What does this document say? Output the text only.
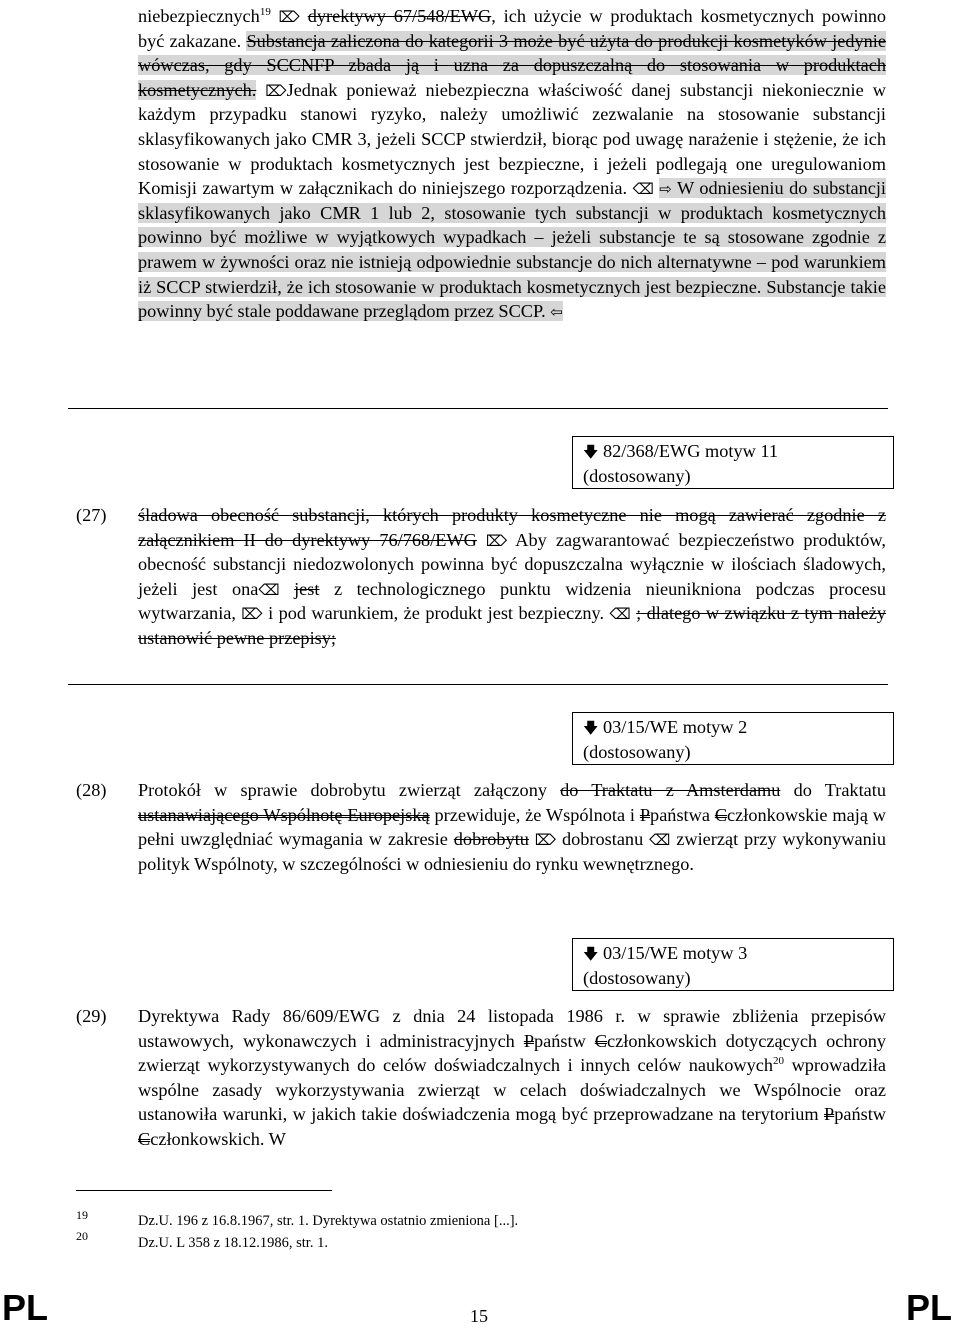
niebezpiecznych$^{19}$ ⌦ dyrektywy 67/548/EWG, ich użycie w produktach kosmetycznych powinno być zakazane. Substancja zaliczona do kategorii 3 może być użyta do produkcji kosmetyków jedynie wówczas, gdy SCCNFP zbada ją i uzna za dopuszczalną do stosowania w produktach kosmetycznych. ⌦Jednak ponieważ niebezpieczna właściwość danej substancji niekoniecznie w każdym przypadku stanowi ryzyko, należy umożliwić zezwalanie na stosowanie substancji sklasyfikowanych jako CMR 3, jeżeli SCCP stwierdził, biorąc pod uwagę narażenie i stężenie, że ich stosowanie w produktach kosmetycznych jest bezpieczne, i jeżeli podlegają one uregulowaniom Komisji zawartym w załącznikach do niniejszego rozporządzenia. ⌫ ⇨ W odniesieniu do substancji sklasyfikowanych jako CMR 1 lub 2, stosowanie tych substancji w produktach kosmetycznych powinno być możliwe w wyjątkowych wypadkach – jeżeli substancje te są stosowane zgodnie z prawem w żywności oraz nie istnieją odpowiednie substancje do nich alternatywne – pod warunkiem iż SCCP stwierdził, że ich stosowanie w produktach kosmetycznych jest bezpieczne. Substancje takie powinny być stale poddawane przeglądom przez SCCP. ⇦
🡇 82/368/EWG motyw 11
(dostosowany)
(27) śladowa obecność substancji, których produkty kosmetyczne nie mogą zawierać zgodnie z załącznikiem II do dyrektywy 76/768/EWG ⌦ Aby zagwarantować bezpieczeństwo produktów, obecność substancji niedozwolonych powinna być dopuszczalna wyłącznie w ilościach śladowych, jeżeli jest ona⌫ jest z technologicznego punktu widzenia nieunikniona podczas procesu wytwarzania, ⌦ i pod warunkiem, że produkt jest bezpieczny. ⌫ ; dlatego w związku z tym należy ustanowić pewne przepisy;
🡇 03/15/WE motyw 2
(dostosowany)
(28) Protokół w sprawie dobrobytu zwierząt załączony do Traktatu z Amsterdamu do Traktatu ustanawiającego Wspólnotę Europejską przewiduje, że Wspólnota i Ppaństwa Cczłonkowskie mają w pełni uwzględniać wymagania w zakresie dobrobytu ⌦ dobrostanu ⌫ zwierząt przy wykonywaniu polityk Wspólnoty, w szczególności w odniesieniu do rynku wewnętrznego.
🡇 03/15/WE motyw 3
(dostosowany)
(29) Dyrektywa Rady 86/609/EWG z dnia 24 listopada 1986 r. w sprawie zbliżenia przepisów ustawowych, wykonawczych i administracyjnych Ppaństw Cczłonkowskich dotyczących ochrony zwierząt wykorzystywanych do celów doświadczalnych i innych celów naukowych$^{20}$ wprowadziła wspólne zasady wykorzystywania zwierząt w celach doświadczalnych we Wspólnocie oraz ustanowiła warunki, w jakich takie doświadczenia mogą być przeprowadzane na terytorium Ppaństw Cczłonkowskich. W
19	Dz.U. 196 z 16.8.1967, str. 1. Dyrektywa ostatnio zmieniona [...].
20	Dz.U. L 358 z 18.12.1986, str. 1.
PL	15	PL
